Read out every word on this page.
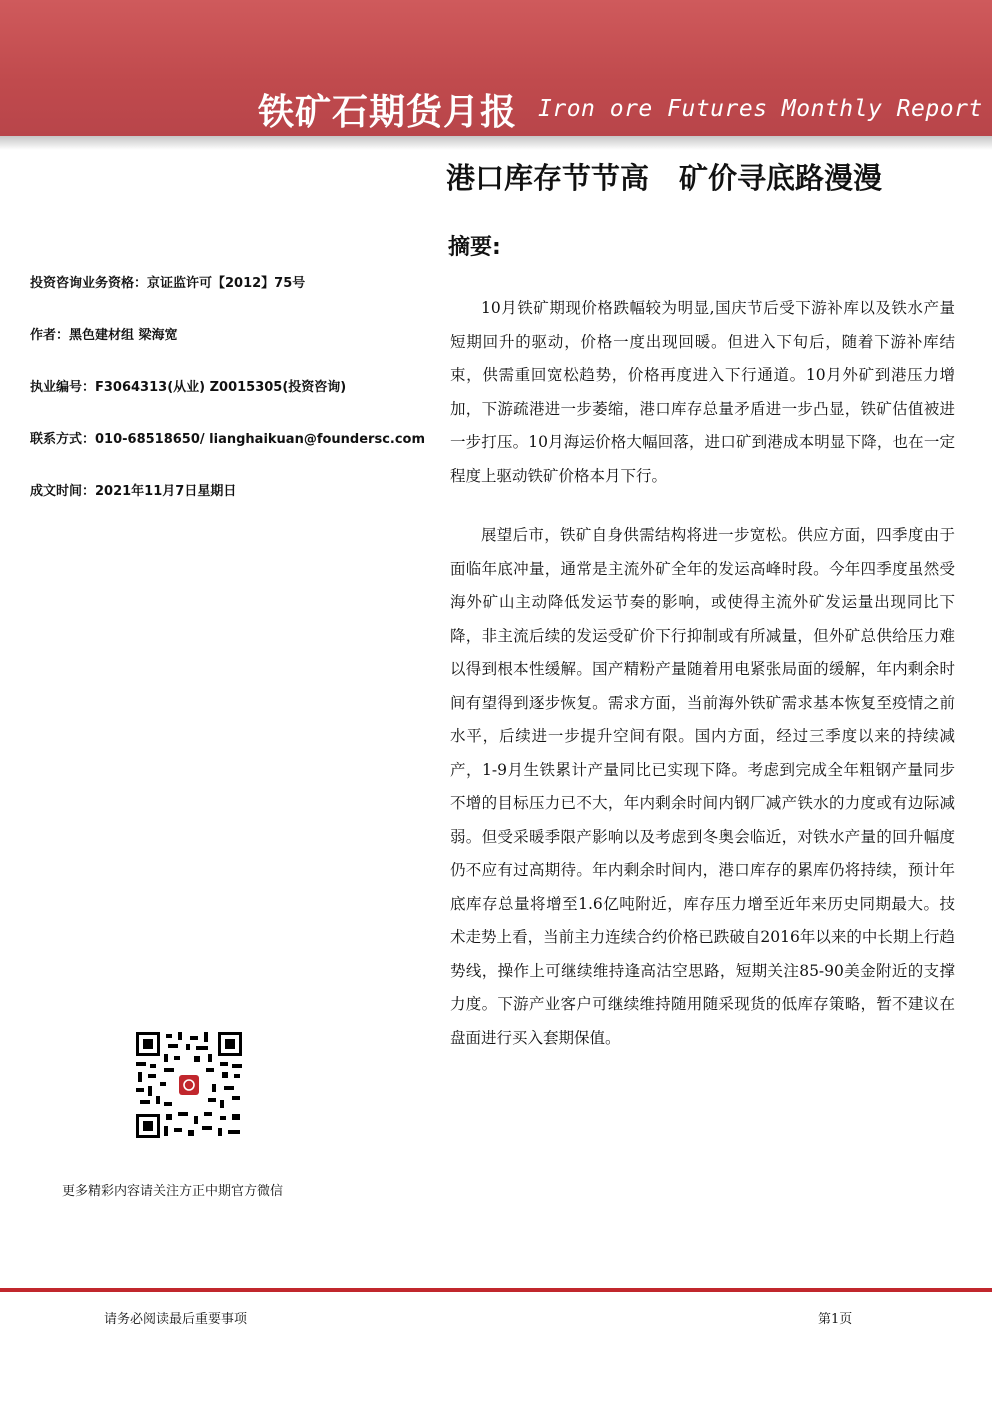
铁矿石期货月报 Iron ore Futures Monthly Report
港口库存节节高 矿价寻底路漫漫
摘要:
投资咨询业务资格：京证监许可【2012】75号
作者：黑色建材组 梁海宽
执业编号：F3064313(从业) Z0015305(投资咨询)
联系方式：010-68518650/ lianghaikuan@foundersc.com
成文时间：2021年11月7日星期日

10月铁矿期现价格跌幅较为明显,国庆节后受下游补库以及铁水产量短期回升的驱动，价格一度出现回暖。但进入下旬后，随着下游补库结束，供需重回宽松趋势，价格再度进入下行通道。10月外矿到港压力增加，下游疏港进一步萎缩，港口库存总量矛盾进一步凸显，铁矿估值被进一步打压。10月海运价格大幅回落，进口矿到港成本明显下降，也在一定程度上驱动铁矿价格本月下行。

展望后市，铁矿自身供需结构将进一步宽松。供应方面，四季度由于面临年底冲量，通常是主流外矿全年的发运高峰时段。今年四季度虽然受海外矿山主动降低发运节奏的影响，或使得主流外矿发运量出现同比下降，非主流后续的发运受矿价下行抑制或有所减量，但外矿总供给压力难以得到根本性缓解。国产精粉产量随着用电紧张局面的缓解，年内剩余时间有望得到逐步恢复。需求方面，当前海外铁矿需求基本恢复至疫情之前水平，后续进一步提升空间有限。国内方面，经过三季度以来的持续减产，1-9月生铁累计产量同比已实现下降。考虑到完成全年粗钢产量同步不增的目标压力已不大，年内剩余时间内钢厂减产铁水的力度或有边际减弱。但受采暖季限产影响以及考虑到冬奥会临近，对铁水产量的回升幅度仍不应有过高期待。年内剩余时间内，港口库存的累库仍将持续，预计年底库存总量将增至1.6亿吨附近，库存压力增至近年来历史同期最大。技术走势上看，当前主力连续合约价格已跌破自2016年以来的中长期上行趋势线，操作上可继续维持逢高沽空思路，短期关注85-90美金附近的支撑力度。下游产业客户可继续维持随用随采现货的低库存策略，暂不建议在盘面进行买入套期保值。

更多精彩内容请关注方正中期官方微信
请务必阅读最后重要事项	第1页
